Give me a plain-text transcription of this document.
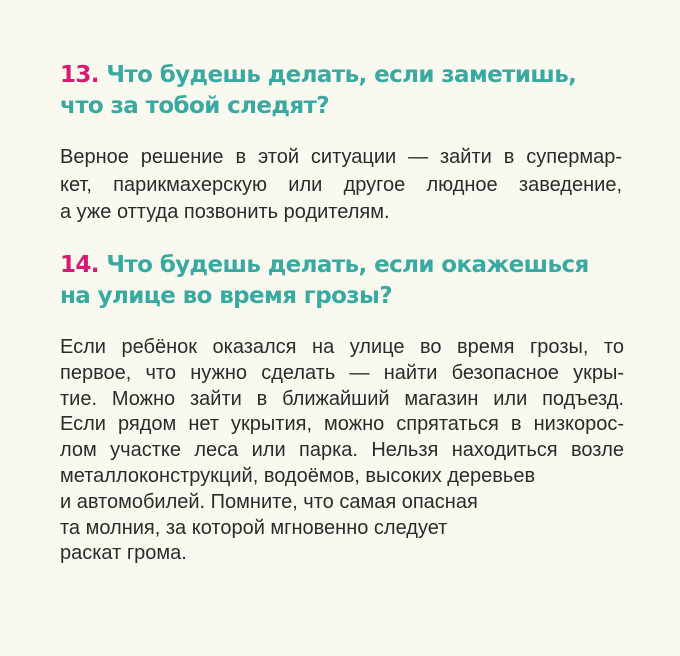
13. Что будешь делать, если заметишь,
что за тобой следят?

Верное решение в этой ситуации — зайти в супермар-
кет, парикмахерскую или другое людное заведение,
а уже оттуда позвонить родителям.

14. Что будешь делать, если окажешься
на улице во время грозы?

Если ребёнок оказался на улице во время грозы, то
первое, что нужно сделать — найти безопасное укры-
тие. Можно зайти в ближайший магазин или подъезд.
Если рядом нет укрытия, можно спрятаться в низкорос-
лом участке леса или парка. Нельзя находиться возле
металлоконструкций, водоёмов, высоких деревьев
и автомобилей. Помните, что самая опасная
та молния, за которой мгновенно следует
раскат грома.
